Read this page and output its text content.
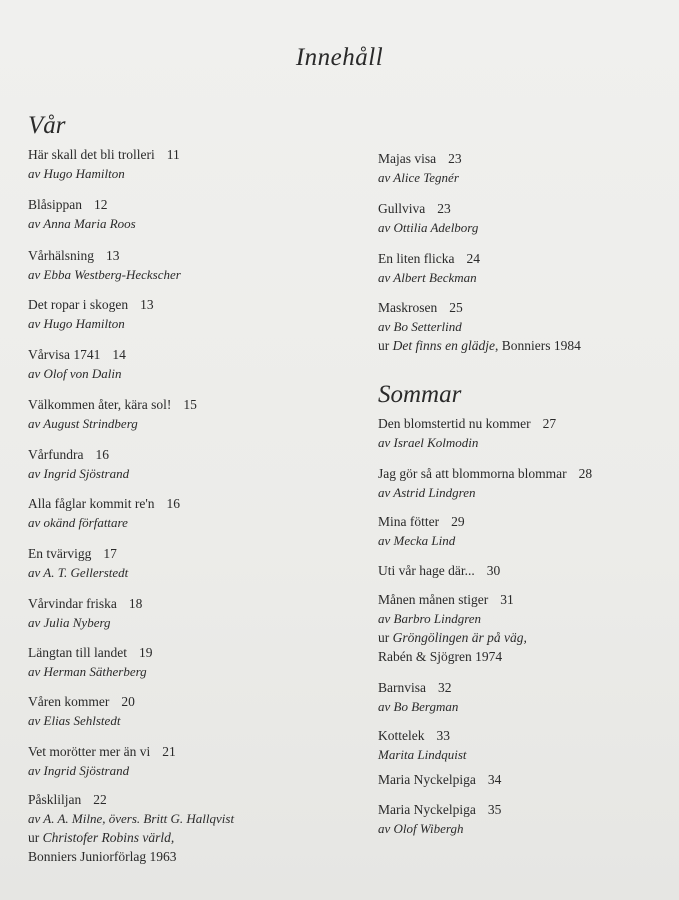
Innehåll
Vår
Här skall det bli trolleri 11
av Hugo Hamilton
Blåsippan 12
av Anna Maria Roos
Vårhälsning 13
av Ebba Westberg-Heckscher
Det ropar i skogen 13
av Hugo Hamilton
Vårvisa 1741 14
av Olof von Dalin
Välkommen åter, kära sol! 15
av August Strindberg
Vårfundra 16
av Ingrid Sjöstrand
Alla fåglar kommit re'n 16
av okänd författare
En tvärvigg 17
av A. T. Gellerstedt
Vårvindar friska 18
av Julia Nyberg
Längtan till landet 19
av Herman Sätherberg
Våren kommer 20
av Elias Sehlstedt
Vet morötter mer än vi 21
av Ingrid Sjöstrand
Påskliljan 22
av A. A. Milne, övers. Britt G. Hallqvist
ur Christofer Robins värld,
Bonniers Juniorförlag 1963
Majas visa 23
av Alice Tegnér
Gullviva 23
av Ottilia Adelborg
En liten flicka 24
av Albert Beckman
Maskrosen 25
av Bo Setterlind
ur Det finns en glädje, Bonniers 1984
Sommar
Den blomstertid nu kommer 27
av Israel Kolmodin
Jag gör så att blommorna blommar 28
av Astrid Lindgren
Mina fötter 29
av Mecka Lind
Uti vår hage där... 30
Månen månen stiger 31
av Barbro Lindgren
ur Gröngölingen är på väg,
Rabén & Sjögren 1974
Barnvisa 32
av Bo Bergman
Kottelek 33
Marita Lindquist
Maria Nyckelpiga 34
Maria Nyckelpiga 35
av Olof Wibergh
